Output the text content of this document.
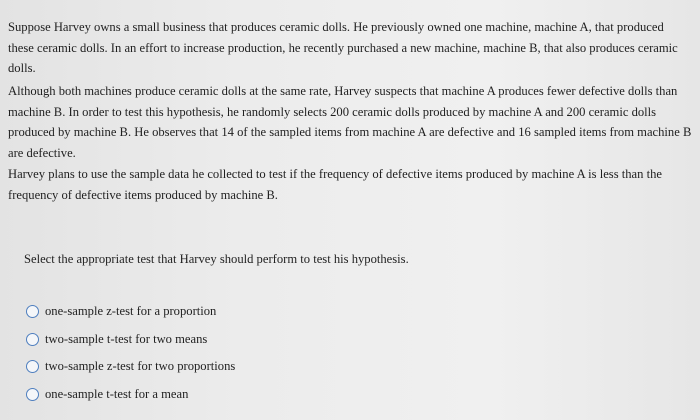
Suppose Harvey owns a small business that produces ceramic dolls. He previously owned one machine, machine A, that produced these ceramic dolls. In an effort to increase production, he recently purchased a new machine, machine B, that also produces ceramic dolls.

Although both machines produce ceramic dolls at the same rate, Harvey suspects that machine A produces fewer defective dolls than machine B. In order to test this hypothesis, he randomly selects 200 ceramic dolls produced by machine A and 200 ceramic dolls produced by machine B. He observes that 14 of the sampled items from machine A are defective and 16 sampled items from machine B are defective.

Harvey plans to use the sample data he collected to test if the frequency of defective items produced by machine A is less than the frequency of defective items produced by machine B.

Select the appropriate test that Harvey should perform to test his hypothesis.

one-sample z-test for a proportion
two-sample t-test for two means
two-sample z-test for two proportions
one-sample t-test for a mean
